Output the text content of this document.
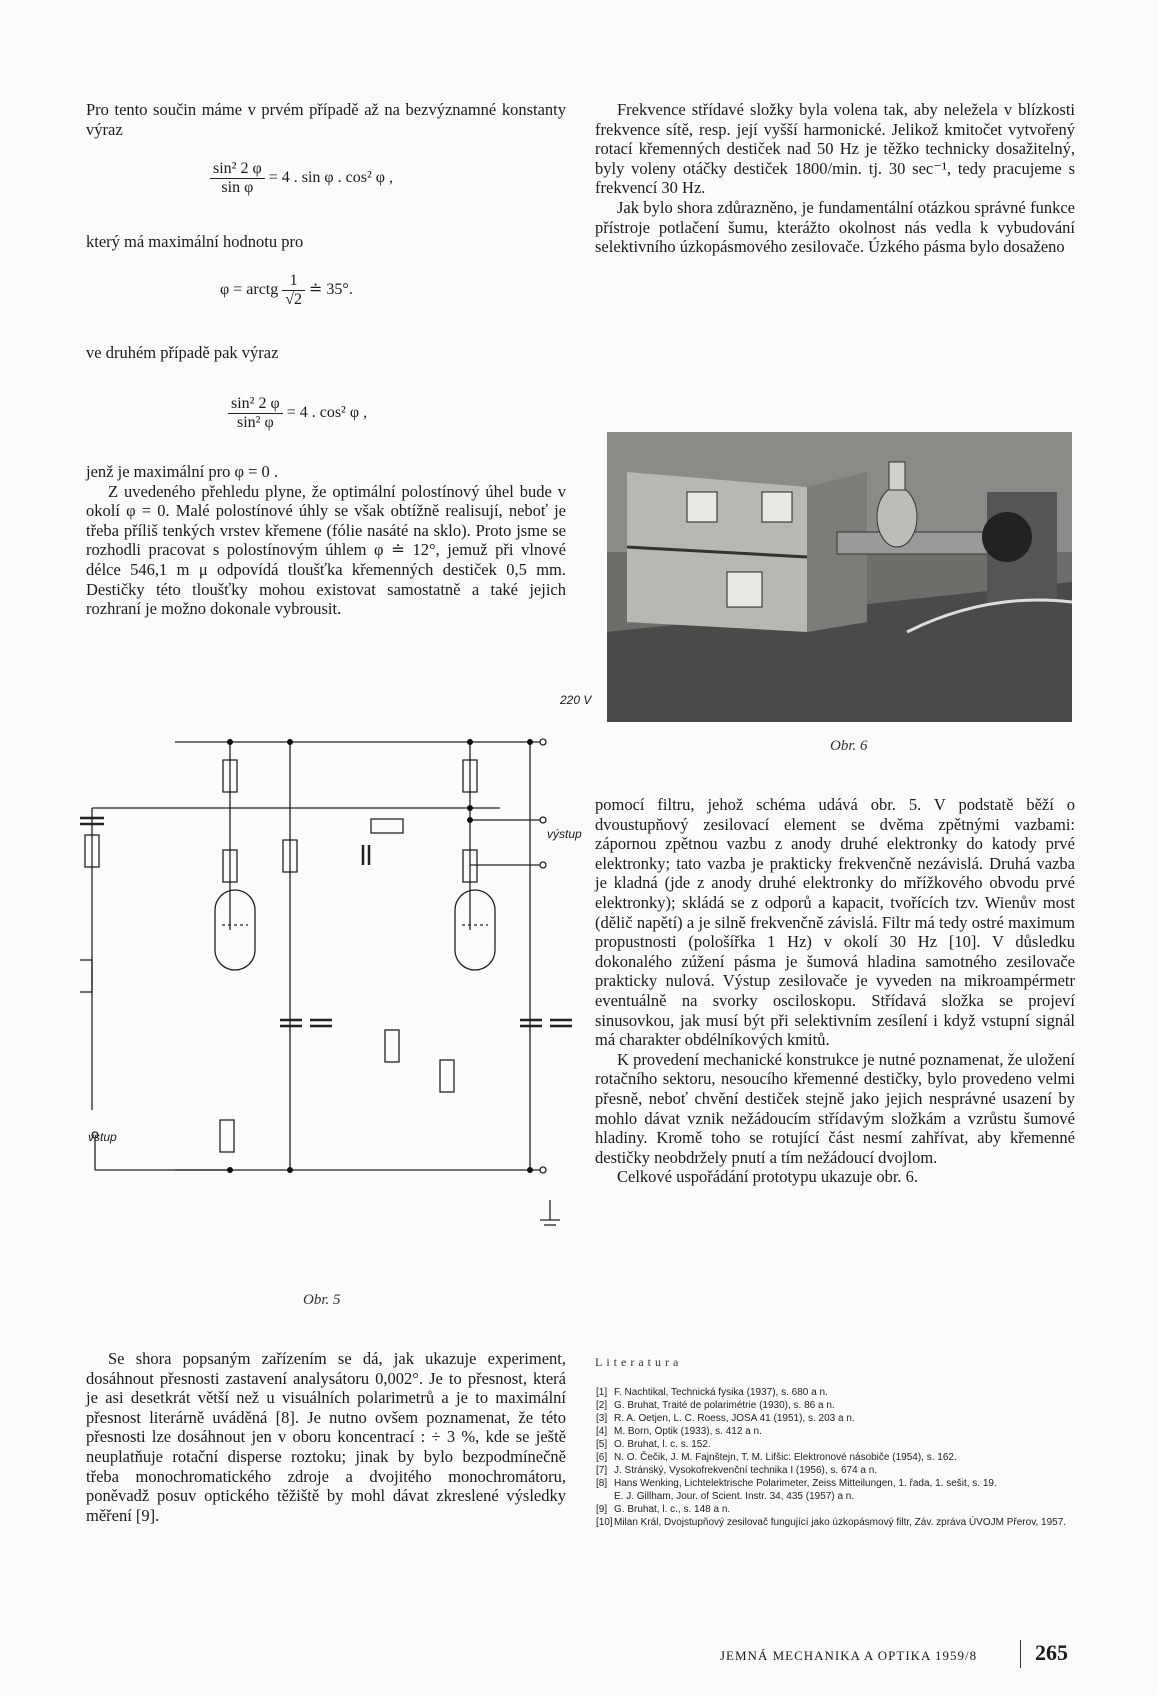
Pro tento součin máme v prvém případě až na bezvýznamné konstanty výraz

$\frac{\text{sin² 2 φ}}{\text{sin φ}} = 4$ . sin φ . cos² φ ,

který má maximální hodnotu pro

φ = arctg $\frac{1}{√2}$ ≐ 35°.

ve druhém případě pak výraz

$\frac{\text{sin² 2 φ}}{\text{sin² φ}} = 4$ . cos² φ ,

jenž je maximální pro φ = 0 .

Z uvedeného přehledu plyne, že optimální polostínový úhel bude v okolí φ = 0. Malé polostínové úhly se však obtížně realisují, neboť je třeba příliš tenkých vrstev křemene (fólie nasáté na sklo). Proto jsme se rozhodli pracovat s polostínovým úhlem φ ≐ 12°, jemuž při vlnové délce 546,1 m μ odpovídá tloušťka křemenných destiček 0,5 mm. Destičky této tloušťky mohou existovat samostatně a také jejich rozhraní je možno dokonale vybrousit.

220 V
výstup
vstup
Obr. 5

Se shora popsaným zařízením se dá, jak ukazuje experiment, dosáhnout přesnosti zastavení analysátoru 0,002°. Je to přesnost, která je asi desetkrát větší než u visuálních polarimetrů a je to maximální přesnost literárně uváděná [8]. Je nutno ovšem poznamenat, že této přesnosti lze dosáhnout jen v oboru koncentrací : ÷ 3 %, kde se ještě neuplatňuje rotační disperse roztoku; jinak by bylo bezpodmínečně třeba monochromatického zdroje a dvojitého monochromátoru, poněvadž posuv optického těžiště by mohl dávat zkreslené výsledky měření [9].

Frekvence střídavé složky byla volena tak, aby neležela v blízkosti frekvence sítě, resp. její vyšší harmonické. Jelikož kmitočet vytvořený rotací křemenných destiček nad 50 Hz je těžko technicky dosažitelný, byly voleny otáčky destiček 1800/min. tj. 30 sec⁻¹, tedy pracujeme s frekvencí 30 Hz.

Jak bylo shora zdůrazněno, je fundamentální otázkou správné funkce přístroje potlačení šumu, kterážto okolnost nás vedla k vybudování selektivního úzkopásmového zesilovače. Úzkého pásma bylo dosaženo

Obr. 6

pomocí filtru, jehož schéma udává obr. 5. V podstatě běží o dvoustupňový zesilovací element se dvěma zpětnými vazbami: zápornou zpětnou vazbu z anody druhé elektronky do katody prvé elektronky; tato vazba je prakticky frekvenčně nezávislá. Druhá vazba je kladná (jde z anody druhé elektronky do mřížkového obvodu prvé elektronky); skládá se z odporů a kapacit, tvořících tzv. Wienův most (dělič napětí) a je silně frekvenčně závislá. Filtr má tedy ostré maximum propustnosti (pološířka 1 Hz) v okolí 30 Hz [10]. V důsledku dokonalého zúžení pásma je šumová hladina samotného zesilovače prakticky nulová. Výstup zesilovače je vyveden na mikroampérmetr eventuálně na svorky osciloskopu. Střídavá složka se projeví sinusovkou, jak musí být při selektivním zesílení i když vstupní signál má charakter obdélníkových kmitů.

K provedení mechanické konstrukce je nutné poznamenat, že uložení rotačního sektoru, nesoucího křemenné destičky, bylo provedeno velmi přesně, neboť chvění destiček stejně jako jejich nesprávné usazení by mohlo dávat vznik nežádoucím střídavým složkám a vzrůstu šumové hladiny. Kromě toho se rotující část nesmí zahřívat, aby křemenné destičky neobdržely pnutí a tím nežádoucí dvojlom.

Celkové uspořádání prototypu ukazuje obr. 6.

Literatura
[1] F. Nachtikal, Technická fysika (1937), s. 680 a n.
[2] G. Bruhat, Traité de polarimétrie (1930), s. 86 a n.
[3] R. A. Oetjen, L. C. Roess, JOSA 41 (1951), s. 203 a n.
[4] M. Born, Optik (1933), s. 412 a n.
[5] O. Bruhat, l. c. s. 152.
[6] N. O. Čečik, J. M. Fajnštejn, T. M. Lifšic: Elektronové násobiče (1954), s. 162.
[7] J. Stránský, Vysokofrekvenční technika I (1956), s. 674 a n.
[8] Hans Wenking, Lichtelektrische Polarimeter, Zeiss Mitteilungen, 1. řada, 1. sešit, s. 19.
E. J. Gillham, Jour. of Scient. Instr. 34, 435 (1957) a n.
[9] G. Bruhat, l. c., s. 148 a n.
[10] Milan Král, Dvojstupňový zesilovač fungující jako úzkopásmový filtr, Záv. zpráva ÚVOJM Přerov, 1957.
JEMNÁ MECHANIKA A OPTIKA 1959/8	265
